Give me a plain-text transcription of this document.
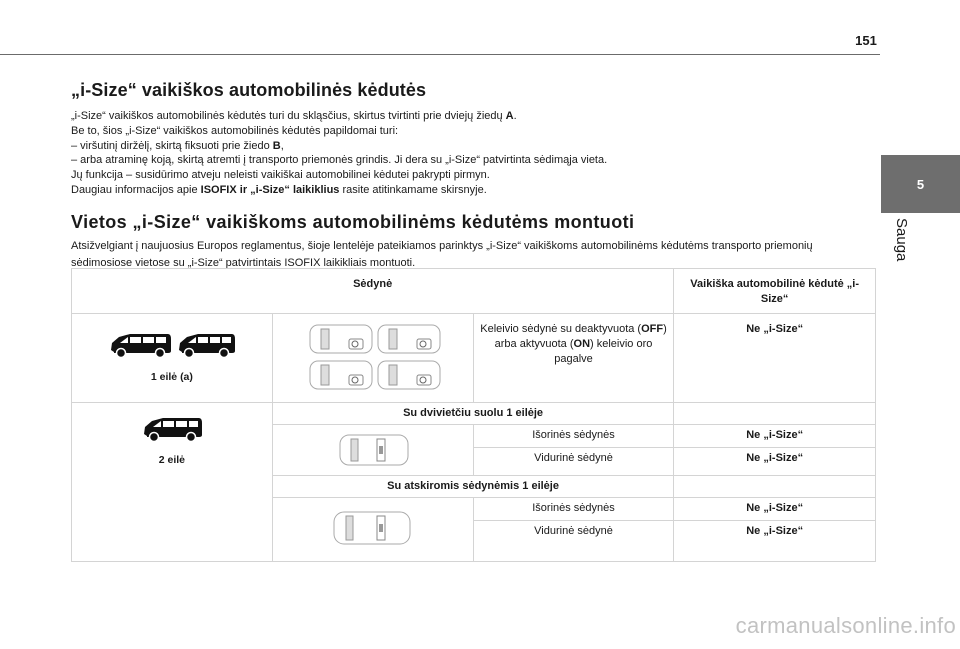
151
5
Sauga
„i-Size“ vaikiškos automobilinės kėdutės

„i-Size“ vaikiškos automobilinės kėdutės turi du skląsčius, skirtus tvirtinti prie dviejų žiedų A.

Be to, šios „i-Size“ vaikiškos automobilinės kėdutės papildomai turi:

– viršutinį diržėlį, skirtą fiksuoti prie žiedo B,

– arba atraminę koją, skirtą atremti į transporto priemonės grindis. Ji dera su „i-Size“ patvirtinta sėdimąja vieta.

Jų funkcija – susidūrimo atveju neleisti vaikiškai automobilinei kėdutei pakrypti pirmyn.

Daugiau informacijos apie ISOFIX ir „i-Size“ laikiklius rasite atitinkamame skirsnyje.

Vietos „i-Size“ vaikiškoms automobilinėms kėdutėms montuoti

Atsižvelgiant į naujuosius Europos reglamentus, šioje lentelėje pateikiamos parinktys „i-Size“ vaikiškoms automobilinėms kėdutėms transporto priemonių sėdimosiose vietose su „i-Size“ patvirtintais ISOFIX laikikliais montuoti.

Sėdynė			Vaikiška automobilinė kėdutė „i-Size“

1 eilė (a)		Keleivio sėdynė su deaktyvuota (OFF) arba aktyvuota (ON) keleivio oro pagalve	Ne „i-Size“

2 eilė	Su dvivietčiu suolu 1 eilėje		

	Išorinės sėdynės	Ne „i-Size“
		Vidurinė sėdynė	Ne „i-Size“
	Su atskiromis sėdynėmis 1 eilėje		

	Išorinės sėdynės	Ne „i-Size“
		Vidurinė sėdynė	Ne „i-Size“
carmanualsonline.info
